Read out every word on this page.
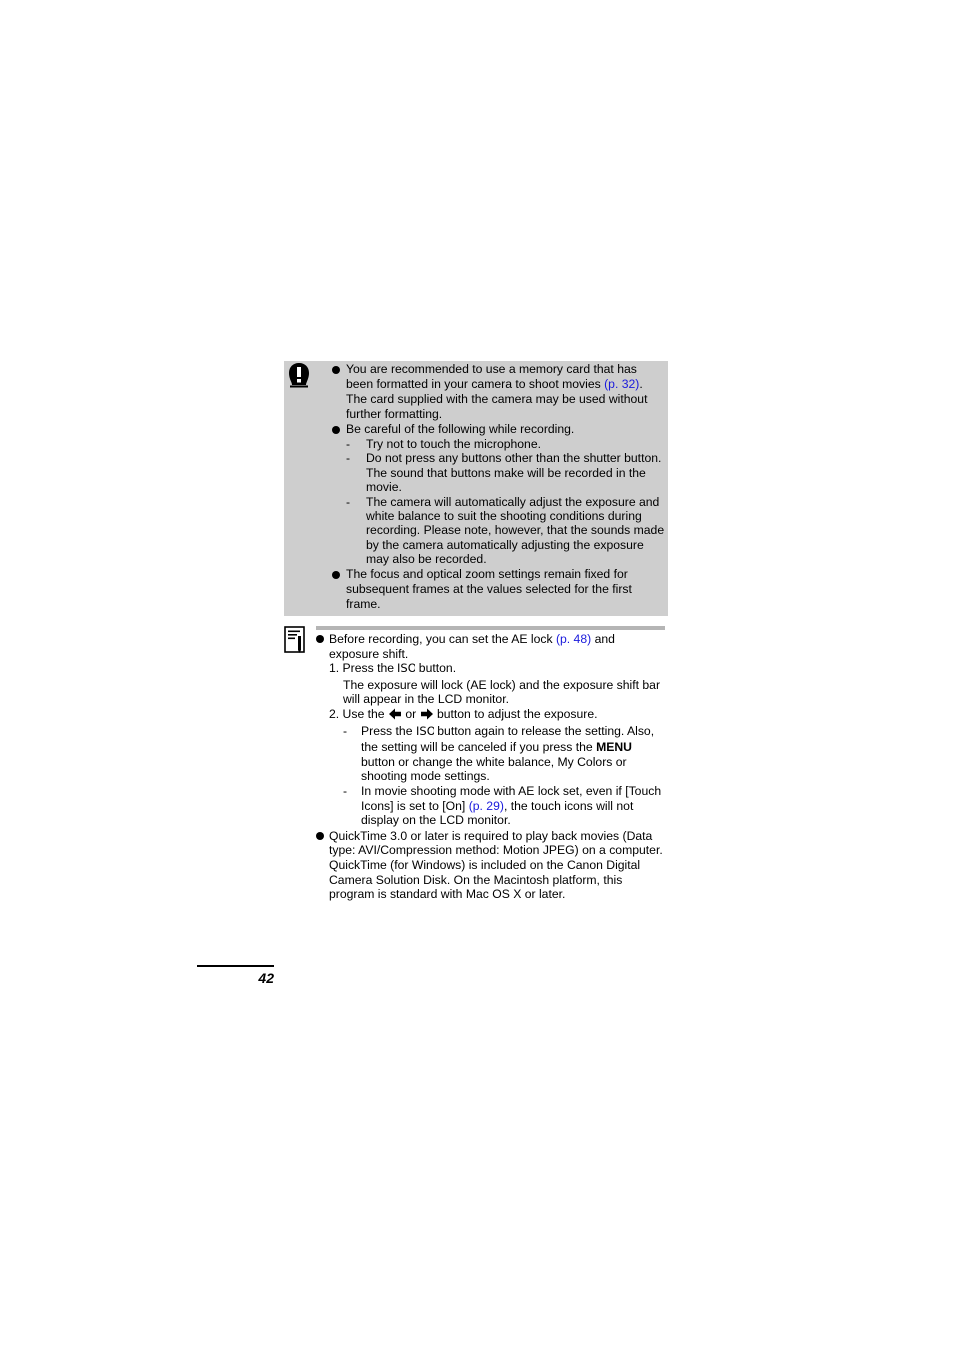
You are recommended to use a memory card that has been formatted in your camera to shoot movies (p. 32). The card supplied with the camera may be used without further formatting.
Be careful of the following while recording.
-	Try not to touch the microphone.
-	Do not press any buttons other than the shutter button. The sound that buttons make will be recorded in the movie.
-	The camera will automatically adjust the exposure and white balance to suit the shooting conditions during recording. Please note, however, that the sounds made by the camera automatically adjusting the exposure may also be recorded.
The focus and optical zoom settings remain fixed for subsequent frames at the values selected for the first frame.
Before recording, you can set the AE lock (p. 48) and exposure shift.
1. Press the ISO
button.
The exposure will lock (AE lock) and the exposure shift bar will appear in the LCD monitor.
2. Use the  or  button to adjust the exposure.
-	Press the ISO
button again to release the setting. Also, the setting will be canceled if you press the MENU button or change the white balance, My Colors or shooting mode settings.
-	In movie shooting mode with AE lock set, even if [Touch Icons] is set to [On] (p. 29), the touch icons will not display on the LCD monitor.
QuickTime 3.0 or later is required to play back movies (Data type: AVI/Compression method: Motion JPEG) on a computer. QuickTime (for Windows) is included on the Canon Digital Camera Solution Disk. On the Macintosh platform, this program is standard with Mac OS X or later.
42
